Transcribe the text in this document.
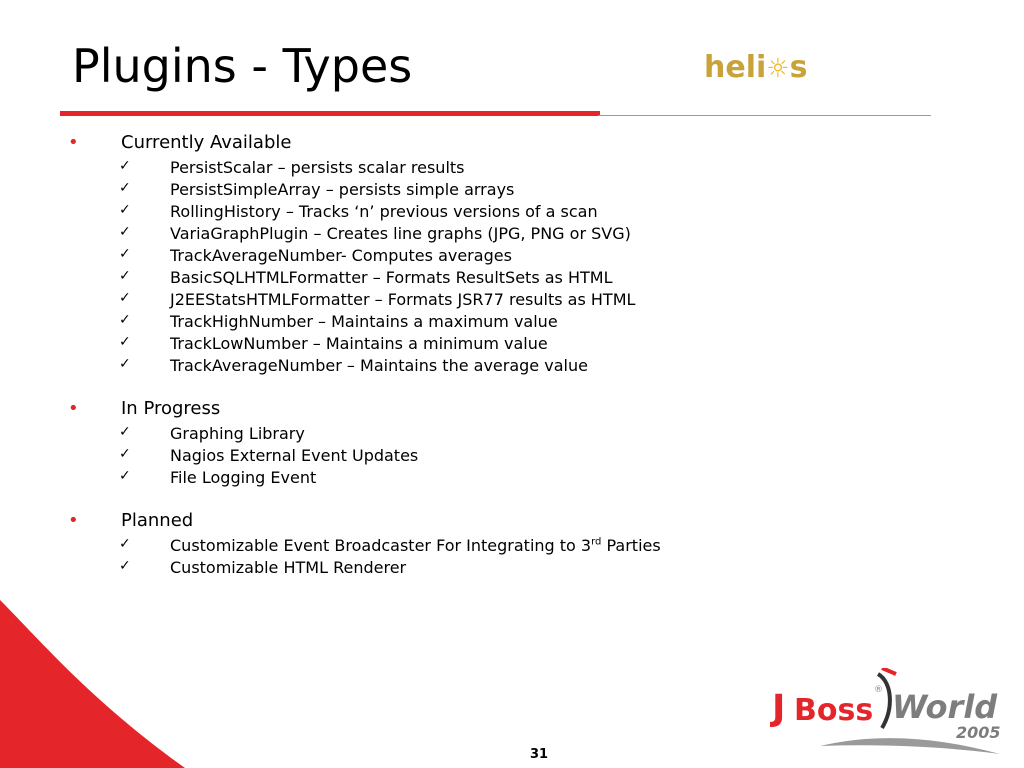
Plugins - Types	heli☼s
• Currently Available
✓ PersistScalar – persists scalar results
✓ PersistSimpleArray – persists simple arrays
✓ RollingHistory – Tracks ‘n’ previous versions of a scan
✓ VariaGraphPlugin – Creates line graphs (JPG, PNG or SVG)
✓ TrackAverageNumber- Computes averages
✓ BasicSQLHTMLFormatter – Formats ResultSets as HTML
✓ J2EEStatsHTMLFormatter – Formats JSR77 results as HTML
✓ TrackHighNumber – Maintains a maximum value
✓ TrackLowNumber – Maintains a minimum value
✓ TrackAverageNumber – Maintains the average value
• In Progress
✓ Graphing Library
✓ Nagios External Event Updates
✓ File Logging Event
• Planned
✓ Customizable Event Broadcaster For Integrating to 3rd Parties
✓ Customizable HTML Renderer
J Boss
® World
2005
31
